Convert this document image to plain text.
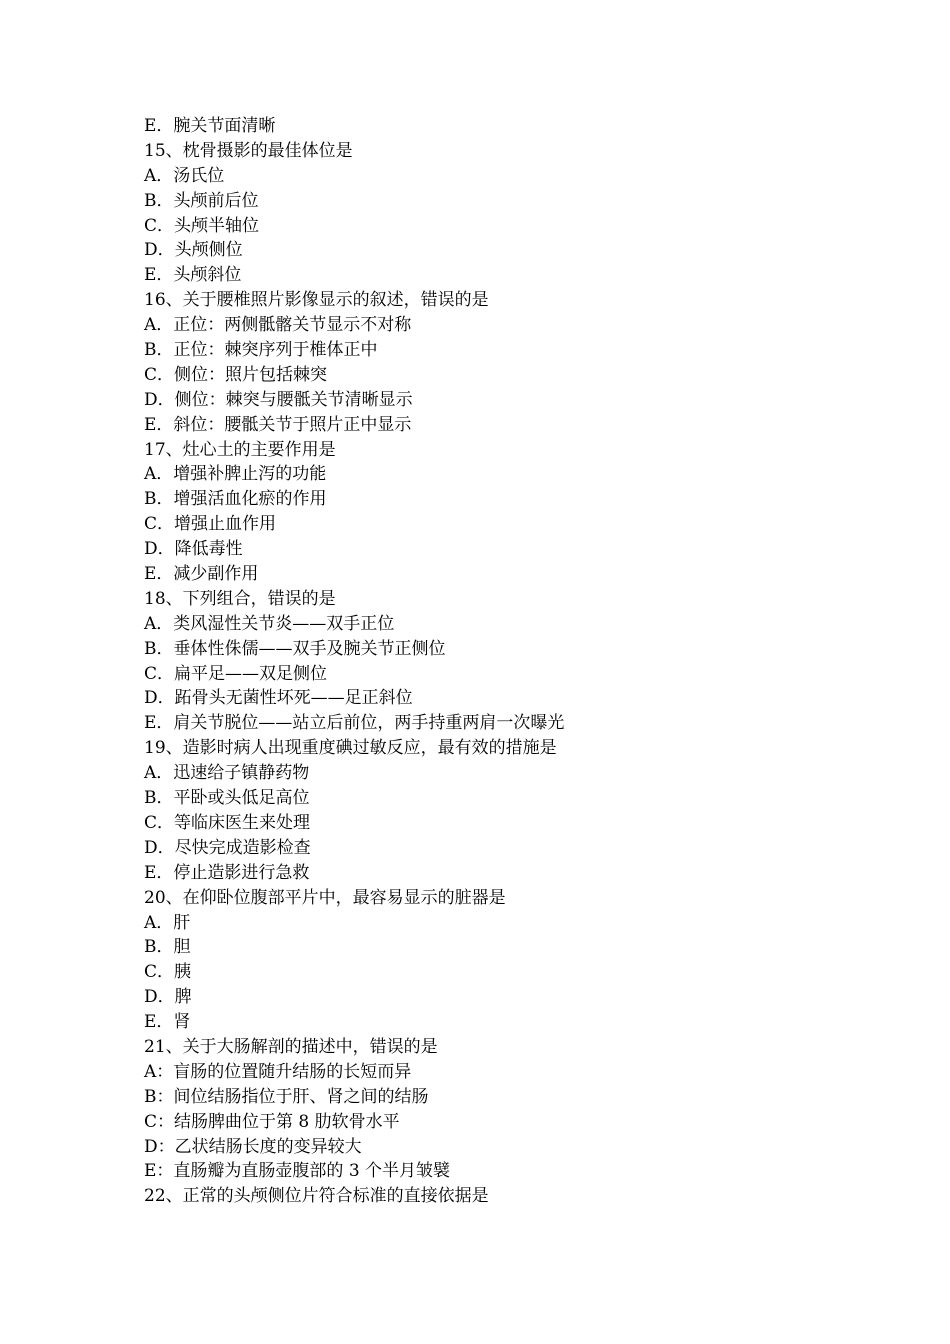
E．腕关节面清晰
15、枕骨摄影的最佳体位是
A．汤氏位
B．头颅前后位
C．头颅半轴位
D．头颅侧位
E．头颅斜位
16、关于腰椎照片影像显示的叙述，错误的是
A．正位：两侧骶髂关节显示不对称
B．正位：棘突序列于椎体正中
C．侧位：照片包括棘突
D．侧位：棘突与腰骶关节清晰显示
E．斜位：腰骶关节于照片正中显示
17、灶心土的主要作用是
A．增强补脾止泻的功能
B．增强活血化瘀的作用
C．增强止血作用
D．降低毒性
E．减少副作用
18、下列组合，错误的是
A．类风湿性关节炎——双手正位
B．垂体性侏儒——双手及腕关节正侧位
C．扁平足——双足侧位
D．跖骨头无菌性坏死——足正斜位
E．肩关节脱位——站立后前位，两手持重两肩一次曝光
19、造影时病人出现重度碘过敏反应，最有效的措施是
A．迅速给子镇静药物
B．平卧或头低足高位
C．等临床医生来处理
D．尽快完成造影检查
E．停止造影进行急救
20、在仰卧位腹部平片中，最容易显示的脏器是
A．肝
B．胆
C．胰
D．脾
E．肾
21、关于大肠解剖的描述中，错误的是
A：盲肠的位置随升结肠的长短而异
B：间位结肠指位于肝、肾之间的结肠
C：结肠脾曲位于第 8 肋软骨水平
D：乙状结肠长度的变异较大
E：直肠瓣为直肠壶腹部的 3 个半月皱襞
22、正常的头颅侧位片符合标准的直接依据是
